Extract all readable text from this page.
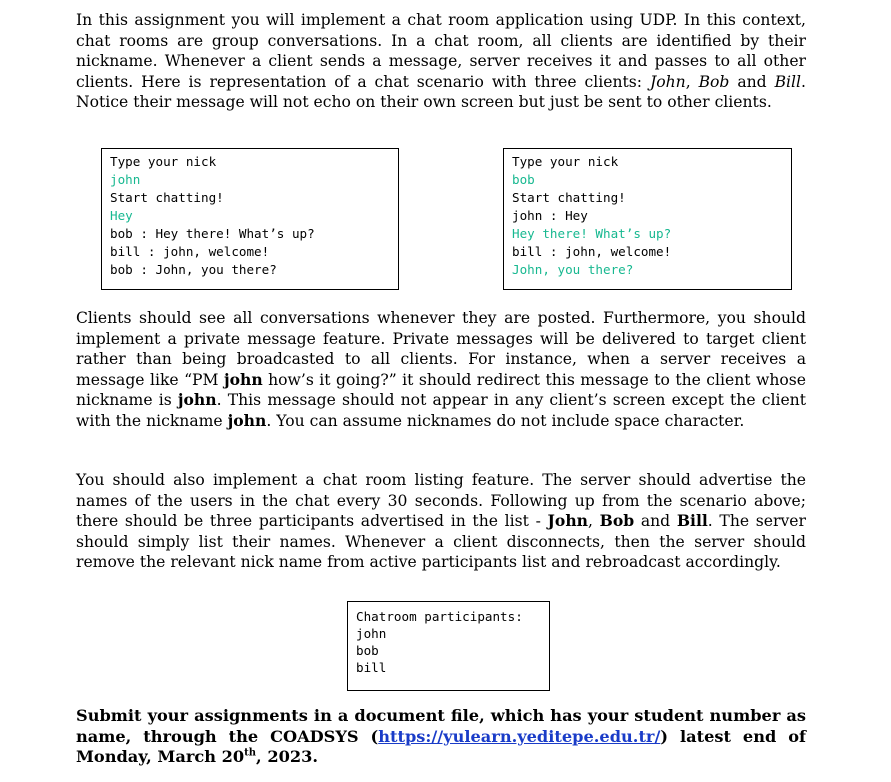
In this assignment you will implement a chat room application using UDP. In this context, chat rooms are group conversations. In a chat room, all clients are identified by their nickname. Whenever a client sends a message, server receives it and passes to all other clients. Here is representation of a chat scenario with three clients: John, Bob and Bill. Notice their message will not echo on their own screen but just be sent to other clients.
Type your nick
john
Start chatting!
Hey
bob : Hey there! What’s up?
bill : john, welcome!
bob : John, you there?
Type your nick
bob
Start chatting!
john : Hey
Hey there! What’s up?
bill : john, welcome!
John, you there?
Clients should see all conversations whenever they are posted. Furthermore, you should implement a private message feature. Private messages will be delivered to target client rather than being broadcasted to all clients. For instance, when a server receives a message like “PM john how’s it going?” it should redirect this message to the client whose nickname is john. This message should not appear in any client’s screen except the client with the nickname john. You can assume nicknames do not include space character.
You should also implement a chat room listing feature. The server should advertise the names of the users in the chat every 30 seconds. Following up from the scenario above; there should be three participants advertised in the list - John, Bob and Bill. The server should simply list their names. Whenever a client disconnects, then the server should remove the relevant nick name from active participants list and rebroadcast accordingly.
Chatroom participants:
john
bob
bill
Submit your assignments in a document file, which has your student number as name, through the COADSYS (https://yulearn.yeditepe.edu.tr/) latest end of Monday, March 20th, 2023.
